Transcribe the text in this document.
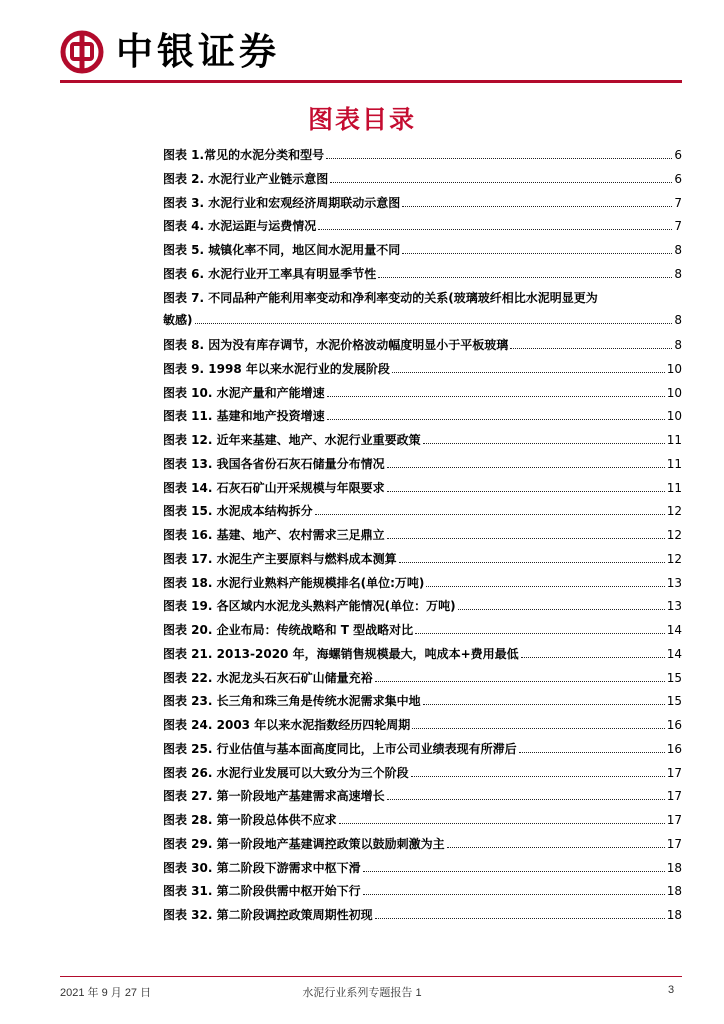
中银证券
图表目录
图表 1.常见的水泥分类和型号	6
图表 2. 水泥行业产业链示意图	6
图表 3. 水泥行业和宏观经济周期联动示意图	7
图表 4. 水泥运距与运费情况	7
图表 5. 城镇化率不同，地区间水泥用量不同	8
图表 6. 水泥行业开工率具有明显季节性	8
图表 7. 不同品种产能利用率变动和净利率变动的关系(玻璃玻纤相比水泥明显更为
敏感)	8
图表 8. 因为没有库存调节，水泥价格波动幅度明显小于平板玻璃	8
图表 9. 1998 年以来水泥行业的发展阶段	10
图表 10. 水泥产量和产能增速	10
图表 11. 基建和地产投资增速	10
图表 12. 近年来基建、地产、水泥行业重要政策	11
图表 13. 我国各省份石灰石储量分布情况	11
图表 14. 石灰石矿山开采规模与年限要求	11
图表 15. 水泥成本结构拆分	12
图表 16. 基建、地产、农村需求三足鼎立	12
图表 17. 水泥生产主要原料与燃料成本测算	12
图表 18. 水泥行业熟料产能规模排名(单位:万吨)	13
图表 19. 各区域内水泥龙头熟料产能情况(单位：万吨)	13
图表 20. 企业布局：传统战略和 T 型战略对比	14
图表 21. 2013-2020 年，海螺销售规模最大，吨成本+费用最低	14
图表 22. 水泥龙头石灰石矿山储量充裕	15
图表 23. 长三角和珠三角是传统水泥需求集中地	15
图表 24. 2003 年以来水泥指数经历四轮周期	16
图表 25. 行业估值与基本面高度同比，上市公司业绩表现有所滞后	16
图表 26. 水泥行业发展可以大致分为三个阶段	17
图表 27. 第一阶段地产基建需求高速增长	17
图表 28. 第一阶段总体供不应求	17
图表 29. 第一阶段地产基建调控政策以鼓励刺激为主	17
图表 30. 第二阶段下游需求中枢下滑	18
图表 31. 第二阶段供需中枢开始下行	18
图表 32. 第二阶段调控政策周期性初现	18
2021 年 9 月 27 日	水泥行业系列专题报告 1	3
